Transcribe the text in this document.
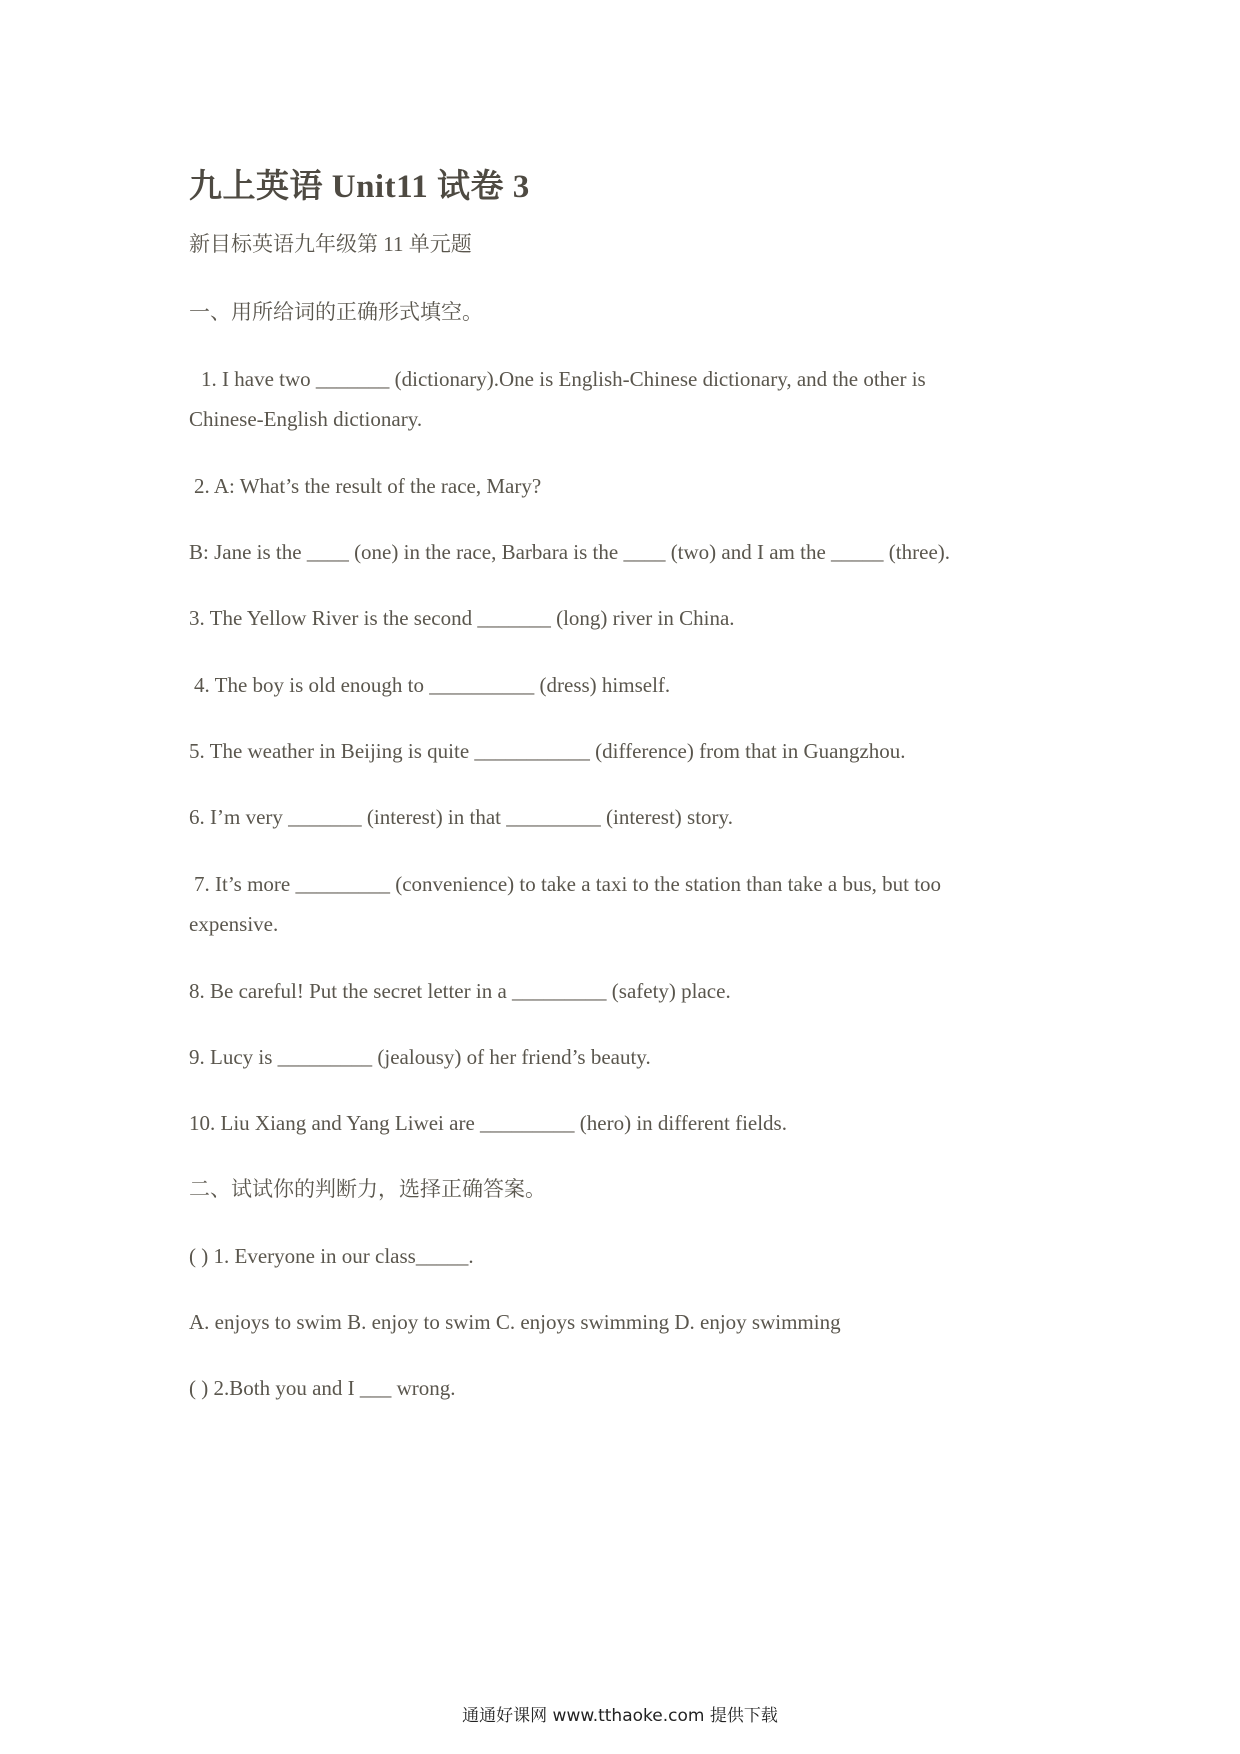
九上英语 Unit11 试卷 3
新目标英语九年级第 11 单元题
一、用所给词的正确形式填空。
1. I have two _______ (dictionary).One is English-Chinese dictionary, and the other is
Chinese-English dictionary.
2. A: What’s the result of the race, Mary?
B: Jane is the ____ (one) in the race, Barbara is the ____ (two) and I am the _____ (three).
3. The Yellow River is the second _______ (long) river in China.
4. The boy is old enough to __________ (dress) himself.
5. The weather in Beijing is quite ___________ (difference) from that in Guangzhou.
6. I’m very _______ (interest) in that _________ (interest) story.
7. It’s more _________ (convenience) to take a taxi to the station than take a bus, but too
expensive.
8. Be careful! Put the secret letter in a _________ (safety) place.
9. Lucy is _________ (jealousy) of her friend’s beauty.
10. Liu Xiang and Yang Liwei are _________ (hero) in different fields.
二、试试你的判断力，选择正确答案。
( ) 1. Everyone in our class_____.
A. enjoys to swim B. enjoy to swim C. enjoys swimming D. enjoy swimming
( ) 2.Both you and I ___ wrong.
通通好课网 www.tthaoke.com 提供下载
